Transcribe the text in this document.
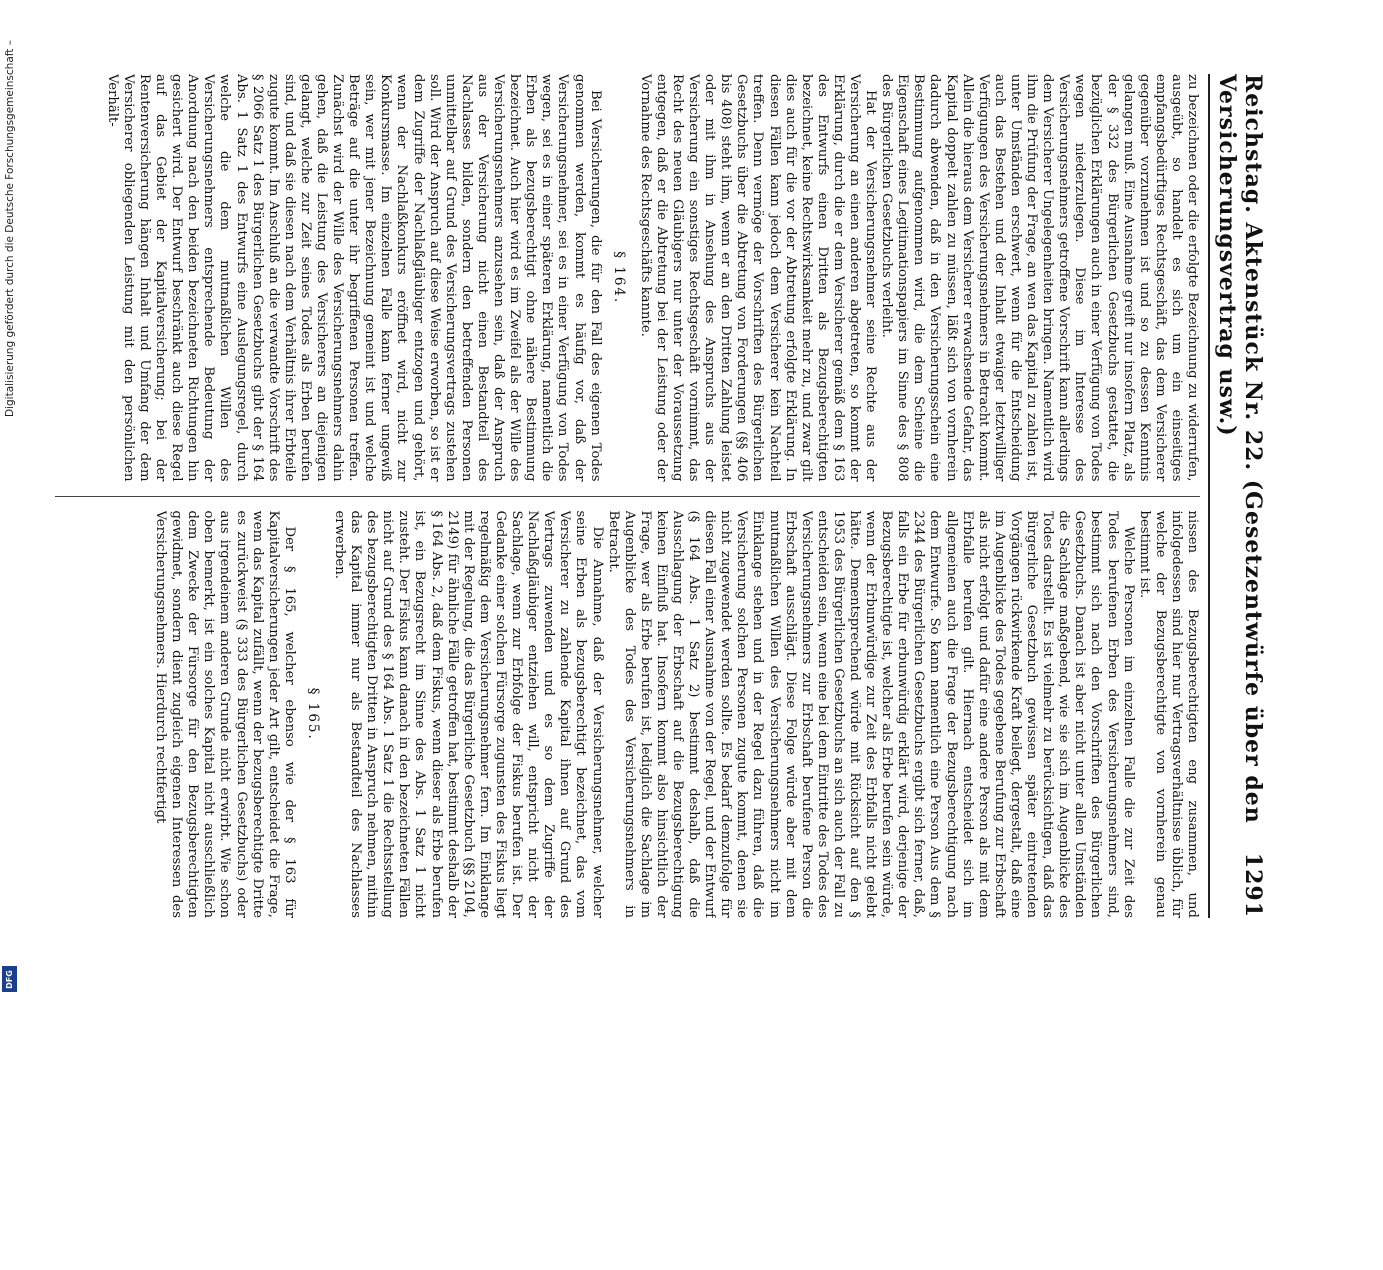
Reichstag. Aktenstück Nr. 22. (Gesetzentwürfe über den Versicherungsvertrag usw.)
1291

zu bezeichnen oder die erfolgte Bezeichnung zu widerrufen, ausgeübt, so handelt es sich um ein einseitiges empfangsbedürftiges Rechtsgeschäft, das dem Versicherer gegenüber vorzunehmen ist und so zu dessen Kenntnis gelangen muß. Eine Ausnahme greift nur insofern Platz, als der § 332 des Bürgerlichen Gesetzbuchs gestattet, die bezüglichen Erklärungen auch in einer Verfügung von Todes wegen niederzulegen. Diese im Interesse des Versicherungsnehmers getroffene Vorschrift kann allerdings dem Versicherer Ungelegenheiten bringen. Namentlich wird ihm die Prüfung der Frage, an wen das Kapital zu zahlen ist, unter Umständen erschwert, wenn für die Entscheidung auch das Bestehen und der Inhalt etwaiger letztwilliger Verfügungen des Versicherungsnehmers in Betracht kommt. Allein die hieraus dem Versicherer erwachsende Gefahr, das Kapital doppelt zahlen zu müssen, läßt sich von vornherein dadurch abwenden, daß in den Versicherungsschein eine Bestimmung aufgenommen wird, die dem Scheine die Eigenschaft eines Legitimationspapiers im Sinne des § 808 des Bürgerlichen Gesetzbuchs verleiht.

Hat der Versicherungsnehmer seine Rechte aus der Versicherung an einen anderen abgetreten, so kommt der Erklärung, durch die er dem Versicherer gemäß dem § 163 des Entwurfs einen Dritten als Bezugsberechtigten bezeichnet, keine Rechtswirksamkeit mehr zu, und zwar gilt dies auch für die vor der Abtretung erfolgte Erklärung. In diesen Fällen kann jedoch dem Versicherer kein Nachteil treffen. Denn vermöge der Vorschriften des Bürgerlichen Gesetzbuchs über die Abtretung von Forderungen (§§ 406 bis 408) steht ihm, wenn er an den Dritten Zahlung leistet oder mit ihm in Ansehung des Anspruchs aus der Versicherung ein sonstiges Rechtsgeschäft vornimmt, das Recht des neuen Gläubigers nur unter der Voraussetzung entgegen, daß er die Abtretung bei der Leistung oder der Vornahme des Rechtsgeschäfts kannte.

§ 164.

Bei Versicherungen, die für den Fall des eigenen Todes genommen werden, kommt es häufig vor, daß der Versicherungsnehmer, sei es in einer Verfügung von Todes wegen, sei es in einer späteren Erklärung, namentlich die Erben als bezugsberechtigt ohne nähere Bestimmung bezeichnet. Auch hier wird es im Zweifel als der Wille des Versicherungsnehmers anzusehen sein, daß der Anspruch aus der Versicherung nicht einen Bestandteil des Nachlasses bilden, sondern den betreffenden Personen unmittelbar auf Grund des Versicherungsvertrags zustehen soll. Wird der Anspruch auf diese Weise erworben, so ist er dem Zugriffe der Nachlaßgläubiger entzogen und gehört, wenn der Nachlaßkonkurs eröffnet wird, nicht zur Konkursmasse. Im einzelnen Falle kann ferner ungewiß sein, wer mit jener Bezeichnung gemeint ist und welche Beträge auf die unter ihr begriffenen Personen treffen. Zunächst wird der Wille des Versicherungsnehmers dahin gehen, daß die Leistung des Versicherers an diejenigen gelangt, welche zur Zeit seines Todes als Erben berufen sind, und daß sie diesen nach dem Verhältnis ihrer Erbteile zugute kommt. Im Anschluß an die verwandte Vorschrift des § 2066 Satz 1 des Bürgerlichen Gesetzbuchs gibt der § 164 Abs. 1 Satz 1 des Entwurfs eine Auslegungsregel, durch welche die dem mutmaßlichen Willen des Versicherungsnehmers entsprechende Bedeutung der Anordnung nach den beiden bezeichneten Richtungen hin gesichert wird. Der Entwurf beschränkt auch diese Regel auf das Gebiet der Kapitalversicherung; bei der Rentenversicherung hängen Inhalt und Umfang der dem Versicherer obliegenden Leistung mit den persönlichen Verhält-

nissen des Bezugsberechtigten eng zusammen, und infolgedessen sind hier nur Vertragsverhältnisse üblich, für welche der Bezugsberechtigte von vornherein genau bestimmt ist.

Welche Personen im einzelnen Falle die zur Zeit des Todes berufenen Erben des Versicherungsnehmers sind, bestimmt sich nach den Vorschriften des Bürgerlichen Gesetzbuchs. Danach ist aber nicht unter allen Umständen die Sachlage maßgebend, wie sie sich im Augenblicke des Todes darstellt. Es ist vielmehr zu berücksichtigen, daß das Bürgerliche Gesetzbuch gewissen später eintretenden Vorgängen rückwirkende Kraft beilegt, dergestalt, daß eine im Augenblicke des Todes gegebene Berufung zur Erbschaft als nicht erfolgt und dafür eine andere Person als mit dem Erbfalle berufen gilt. Hiernach entscheidet sich im allgemeinen auch die Frage der Bezugsberechtigung nach dem Entwurfe. So kann namentlich eine Person Aus dem § 2344 des Bürgerlichen Gesetzbuchs ergibt sich ferner, daß, falls ein Erbe für erbunwürdig erklärt wird, derjenige der Bezugsberechtigte ist, welcher als Erbe berufen sein würde, wenn der Erbunwürdige zur Zeit des Erbfalls nicht gelebt hätte. Dementsprechend würde mit Rücksicht auf den § 1953 des Bürgerlichen Gesetzbuchs an sich auch der Fall zu entscheiden sein, wenn eine bei dem Eintritte des Todes des Versicherungsnehmers zur Erbschaft berufene Person die Erbschaft ausschlägt. Diese Folge würde aber mit dem mutmaßlichen Willen des Versicherungsnehmers nicht im Einklange stehen und in der Regel dazu führen, daß die Versicherung solchen Personen zugute kommt, denen sie nicht zugewendet werden sollte. Es bedarf demzufolge für diesen Fall einer Ausnahme von der Regel, und der Entwurf (§ 164 Abs. 1 Satz 2) bestimmt deshalb, daß die Ausschlagung der Erbschaft auf die Bezugsberechtigung keinen Einfluß hat. Insofern kommt also hinsichtlich der Frage, wer als Erbe berufen ist, lediglich die Sachlage im Augenblicke des Todes des Versicherungsnehmers in Betracht.

Die Annahme, daß der Versicherungsnehmer, welcher seine Erben als bezugsberechtigt bezeichnet, das vom Versicherer zu zahlende Kapital ihnen auf Grund des Vertrags zuwenden und es so dem Zugriffe der Nachlaßgläubiger entziehen will, entspricht nicht der Sachlage, wenn zur Erbfolge der Fiskus berufen ist. Der Gedanke einer solchen Fürsorge zugunsten des Fiskus liegt regelmäßig dem Versicherungsnehmer fern. Im Einklange mit der Regelung, die das Bürgerliche Gesetzbuch (§§ 2104, 2149) für ähnliche Fälle getroffen hat, bestimmt deshalb der § 164 Abs. 2, daß dem Fiskus, wenn dieser als Erbe berufen ist, ein Bezugsrecht im Sinne des Abs. 1 Satz 1 nicht zusteht. Der Fiskus kann danach in den bezeichneten Fällen nicht auf Grund des § 164 Abs. 1 Satz 1 die Rechtsstellung des bezugsberechtigten Dritten in Anspruch nehmen, mithin das Kapital immer nur als Bestandteil des Nachlasses erwerben.

§ 165.

Der § 165, welcher ebenso wie der § 163 für Kapitalversicherungen jeder Art gilt, entscheidet die Frage, wem das Kapital zufällt, wenn der bezugsberechtigte Dritte es zurückweist (§ 333 des Bürgerlichen Gesetzbuchs) oder aus irgendeinem anderen Grunde nicht erwirbt. Wie schon oben bemerkt, ist ein solches Kapital nicht ausschließlich dem Zwecke der Fürsorge für den Bezugsberechtigten gewidmet, sondern dient zugleich eigenen Interessen des Versicherungsnehmers. Hierdurch rechtfertigt

Digitalisierung gefördert durch die Deutsche Forschungsgemeinschaft –
DFG
